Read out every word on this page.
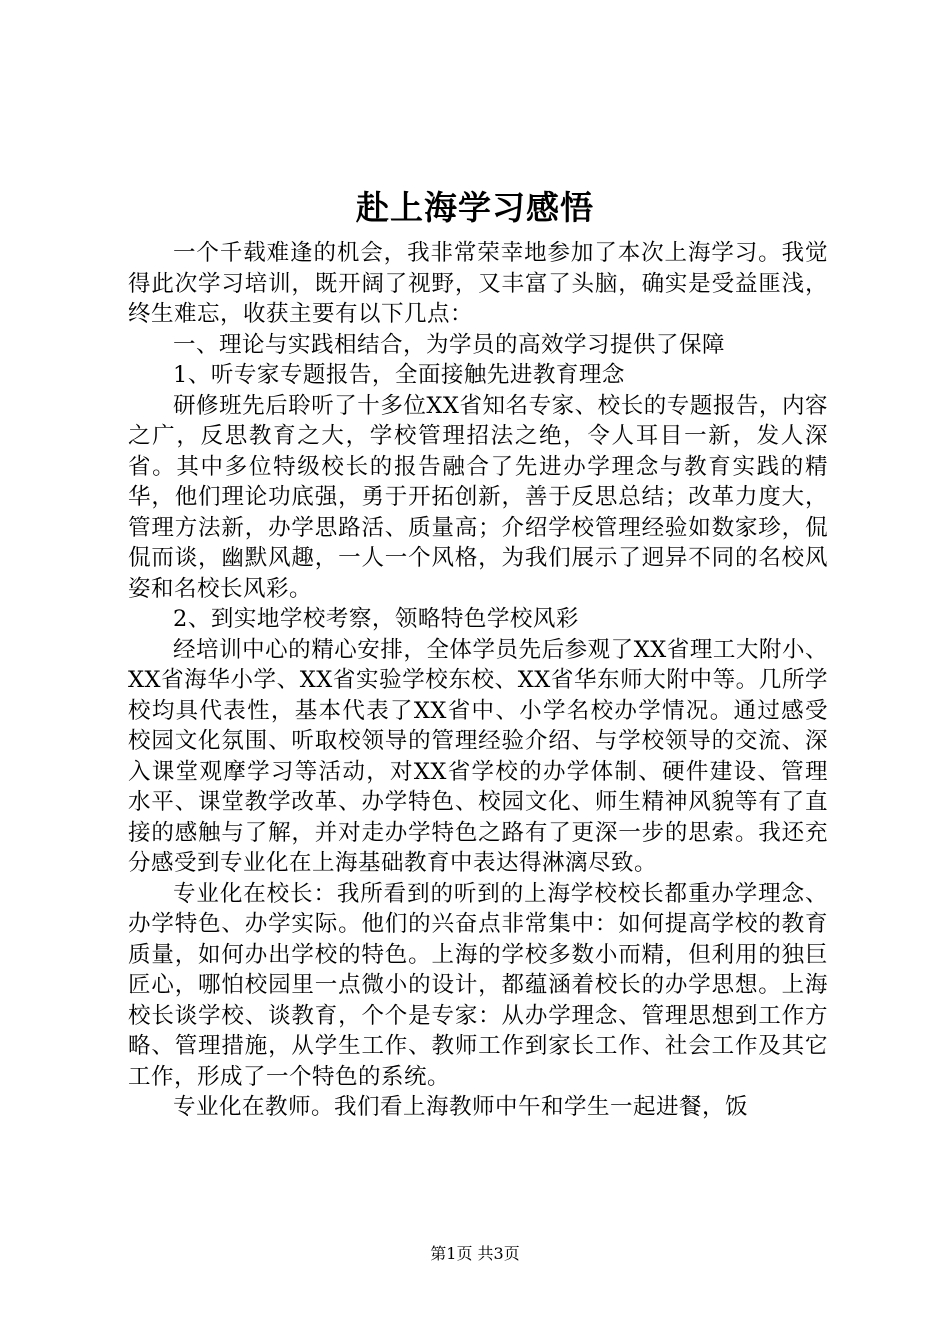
赴上海学习感悟

一个千载难逢的机会，我非常荣幸地参加了本次上海学习。我觉得此次学习培训，既开阔了视野，又丰富了头脑，确实是受益匪浅，终生难忘，收获主要有以下几点：

一、理论与实践相结合，为学员的高效学习提供了保障

1、听专家专题报告，全面接触先进教育理念

研修班先后聆听了十多位XX省知名专家、校长的专题报告，内容之广，反思教育之大，学校管理招法之绝，令人耳目一新，发人深省。其中多位特级校长的报告融合了先进办学理念与教育实践的精华，他们理论功底强，勇于开拓创新，善于反思总结；改革力度大，管理方法新，办学思路活、质量高；介绍学校管理经验如数家珍，侃侃而谈，幽默风趣，一人一个风格，为我们展示了迥异不同的名校风姿和名校长风彩。

2、到实地学校考察，领略特色学校风彩

经培训中心的精心安排，全体学员先后参观了XX省理工大附小、XX省海华小学、XX省实验学校东校、XX省华东师大附中等。几所学校均具代表性，基本代表了XX省中、小学名校办学情况。通过感受校园文化氛围、听取校领导的管理经验介绍、与学校领导的交流、深入课堂观摩学习等活动，对XX省学校的办学体制、硬件建设、管理水平、课堂教学改革、办学特色、校园文化、师生精神风貌等有了直接的感触与了解，并对走办学特色之路有了更深一步的思索。我还充分感受到专业化在上海基础教育中表达得淋漓尽致。

专业化在校长：我所看到的听到的上海学校校长都重办学理念、办学特色、办学实际。他们的兴奋点非常集中：如何提高学校的教育质量，如何办出学校的特色。上海的学校多数小而精，但利用的独巨匠心，哪怕校园里一点微小的设计，都蕴涵着校长的办学思想。上海校长谈学校、谈教育，个个是专家：从办学理念、管理思想到工作方略、管理措施，从学生工作、教师工作到家长工作、社会工作及其它工作，形成了一个特色的系统。

专业化在教师。我们看上海教师中午和学生一起进餐，饭

第1页 共3页
